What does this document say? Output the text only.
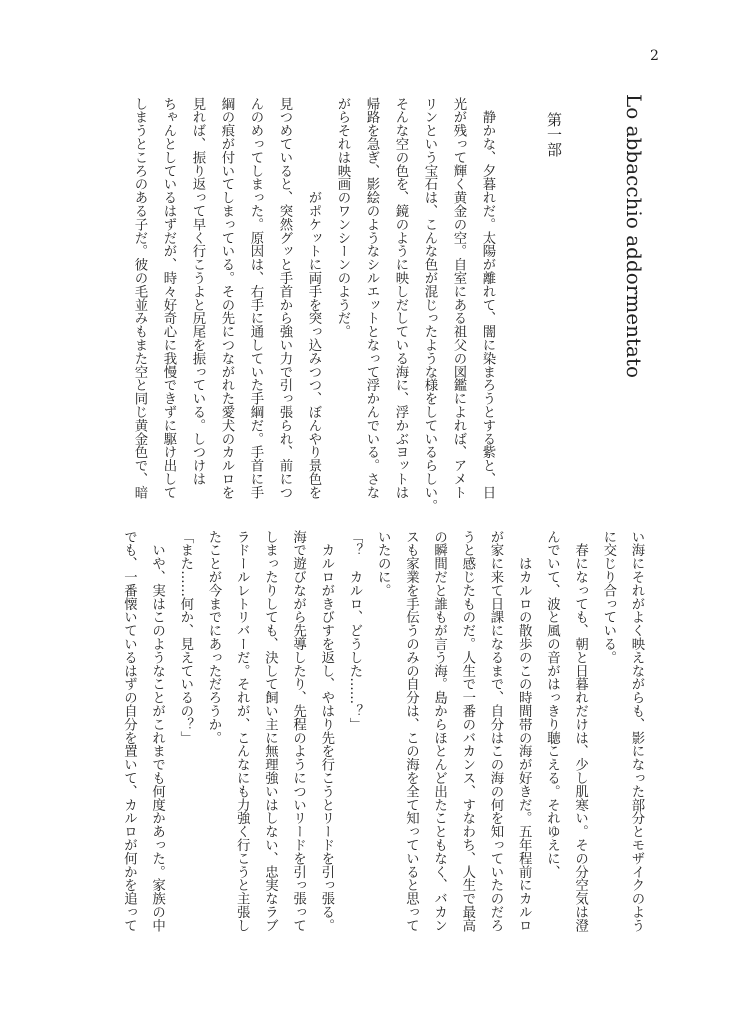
2
Lo abbacchio addormentato
第一部
　静かな、夕暮れだ。太陽が離れて、闇に染まろうとする紫と、日
光が残って輝く黄金の空。自室にある祖父の図鑑によれば、アメト
リンという宝石は、こんな色が混じったような様をしているらしい。
そんな空の色を、鏡のように映しだしている海に、浮かぶヨットは
帰路を急ぎ、影絵のようなシルエットとなって浮かんでいる。さな
がらそれは映画のワンシーンのようだ。
　　　　　　　がポケットに両手を突っ込みつつ、ぼんやり景色を
見つめていると、突然グッと手首から強い力で引っ張られ、前につ
んのめってしまった。原因は、右手に通していた手綱だ。手首に手
綱の痕が付いてしまっている。その先につながれた愛犬のカルロを
見れば、振り返って早く行こうよと尻尾を振っている。しつけは
ちゃんとしているはずだが、時々好奇心に我慢できずに駆け出して
しまうところのある子だ。彼の毛並みもまた空と同じ黄金色で、暗
い海にそれがよく映えながらも、影になった部分とモザイクのよう
に交じり合っている。
　春になっても、朝と日暮れだけは、少し肌寒い。その分空気は澄
んでいて、波と風の音がはっきり聴こえる。それゆえに、
　　はカルロの散歩のこの時間帯の海が好きだ。五年程前にカルロ
が家に来て日課になるまで、自分はこの海の何を知っていたのだろ
うと感じたものだ。人生で一番のバカンス、すなわち、人生で最高
の瞬間だと誰もが言う海。島からほとんど出たこともなく、バカン
スも家業を手伝うのみの自分は、この海を全て知っていると思って
いたのに。
「？　カルロ、どうした……？」
　カルロがきびすを返し、やはり先を行こうとリードを引っ張る。
海で遊びながら先導したり、先程のようについリードを引っ張って
しまったりしても、決して飼い主に無理強いはしない、忠実なラブ
ラドールレトリバーだ。それが、こんなにも力強く行こうと主張し
たことが今までにあっただろうか。
「また……何か、見えているの？」
　いや、実はこのようなことがこれまでも何度かあった。家族の中
でも、一番懐いているはずの自分を置いて、カルロが何かを追って
